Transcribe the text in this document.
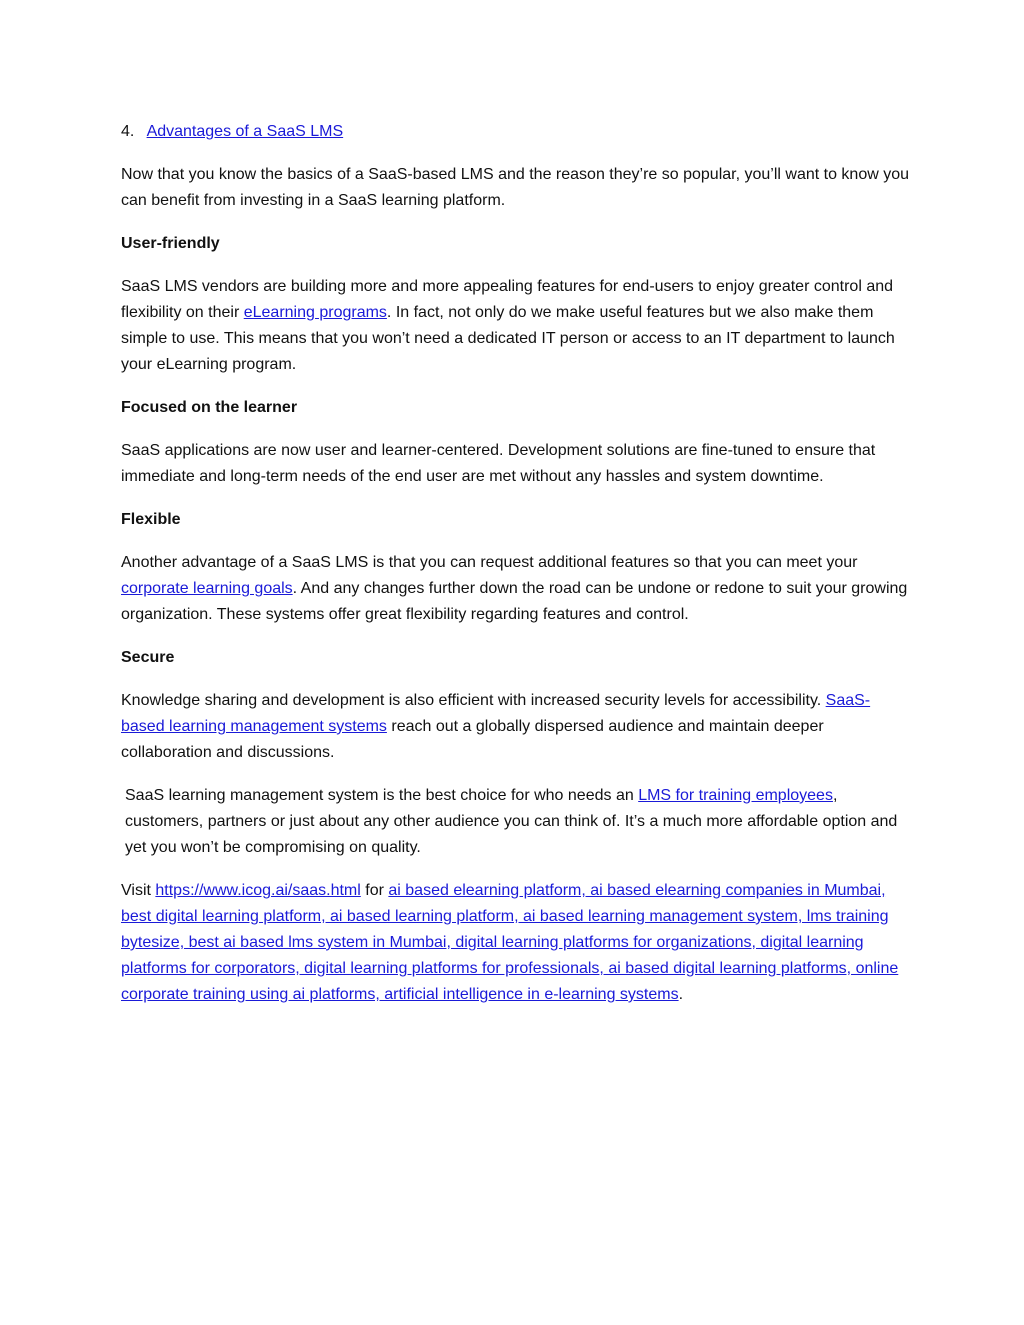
4. Advantages of a SaaS LMS

Now that you know the basics of a SaaS-based LMS and the reason they’re so popular, you’ll want to know you can benefit from investing in a SaaS learning platform.

User-friendly

SaaS LMS vendors are building more and more appealing features for end-users to enjoy greater control and flexibility on their eLearning programs. In fact, not only do we make useful features but we also make them simple to use. This means that you won’t need a dedicated IT person or access to an IT department to launch your eLearning program.

Focused on the learner

SaaS applications are now user and learner-centered. Development solutions are fine-tuned to ensure that immediate and long-term needs of the end user are met without any hassles and system downtime.

Flexible

Another advantage of a SaaS LMS is that you can request additional features so that you can meet your corporate learning goals. And any changes further down the road can be undone or redone to suit your growing organization. These systems offer great flexibility regarding features and control.

Secure

Knowledge sharing and development is also efficient with increased security levels for accessibility. SaaS-based learning management systems reach out a globally dispersed audience and maintain deeper collaboration and discussions.

SaaS learning management system is the best choice for who needs an LMS for training employees, customers, partners or just about any other audience you can think of. It’s a much more affordable option and yet you won’t be compromising on quality.

Visit https://www.icog.ai/saas.html for ai based elearning platform, ai based elearning companies in Mumbai, best digital learning platform, ai based learning platform, ai based learning management system, lms training bytesize, best ai based lms system in Mumbai, digital learning platforms for organizations, digital learning platforms for corporators, digital learning platforms for professionals, ai based digital learning platforms, online corporate training using ai platforms, artificial intelligence in e-learning systems.
